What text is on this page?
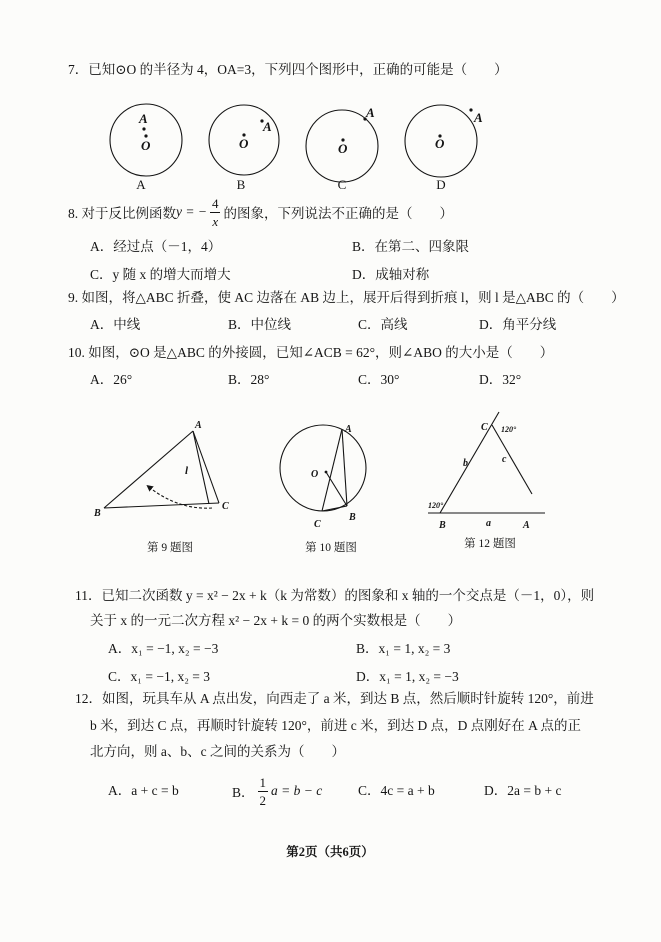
7．已知⊙O 的半径为 4，OA=3，下列四个图形中，正确的可能是（　　）
A	B	C	D
8. 对于反比例函数 y = − $\frac{4}{x}$ 的图象，下列说法不正确的是（　　）
A．经过点（－1，4）	B．在第二、四象限
C．y 随 x 的增大而增大	D．成轴对称
9. 如图，将△ABC 折叠，使 AC 边落在 AB 边上，展开后得到折痕 l，则 l 是△ABC 的（　　）
A．中线	B．中位线	C．高线	D．角平分线
10. 如图，⊙O 是△ABC 的外接圆，已知∠ACB = 62°，则∠ABO 的大小是（　　）
A．26°	B．28°	C．30°	D．32°
第 9 题图	第 10 题图	第 12 题图
11．已知二次函数 y = x² − 2x + k（k 为常数）的图象和 x 轴的一个交点是（－1，0），则
关于 x 的一元二次方程 x² − 2x + k = 0 的两个实数根是（　　）
A．x₁ = −1, x₂ = −3	B．x₁ = 1, x₂ = 3
C．x₁ = −1, x₂ = 3	D．x₁ = 1, x₂ = −3
12．如图，玩具车从 A 点出发，向西走了 a 米，到达 B 点，然后顺时针旋转 120°，前进
b 米，到达 C 点，再顺时针旋转 120°，前进 c 米，到达 D 点，D 点刚好在 A 点的正
北方向，则 a、b、c 之间的关系为（　　）
A．a + c = b	B． $\frac{1}{2}$ a = b − c	C．4c = a + b	D．2a = b + c
第2页（共6页）
A
O
A
O
A
O
A
O
A
B
C
l
A
O
C
B
C 120°
b	c
120°
B	a	A
